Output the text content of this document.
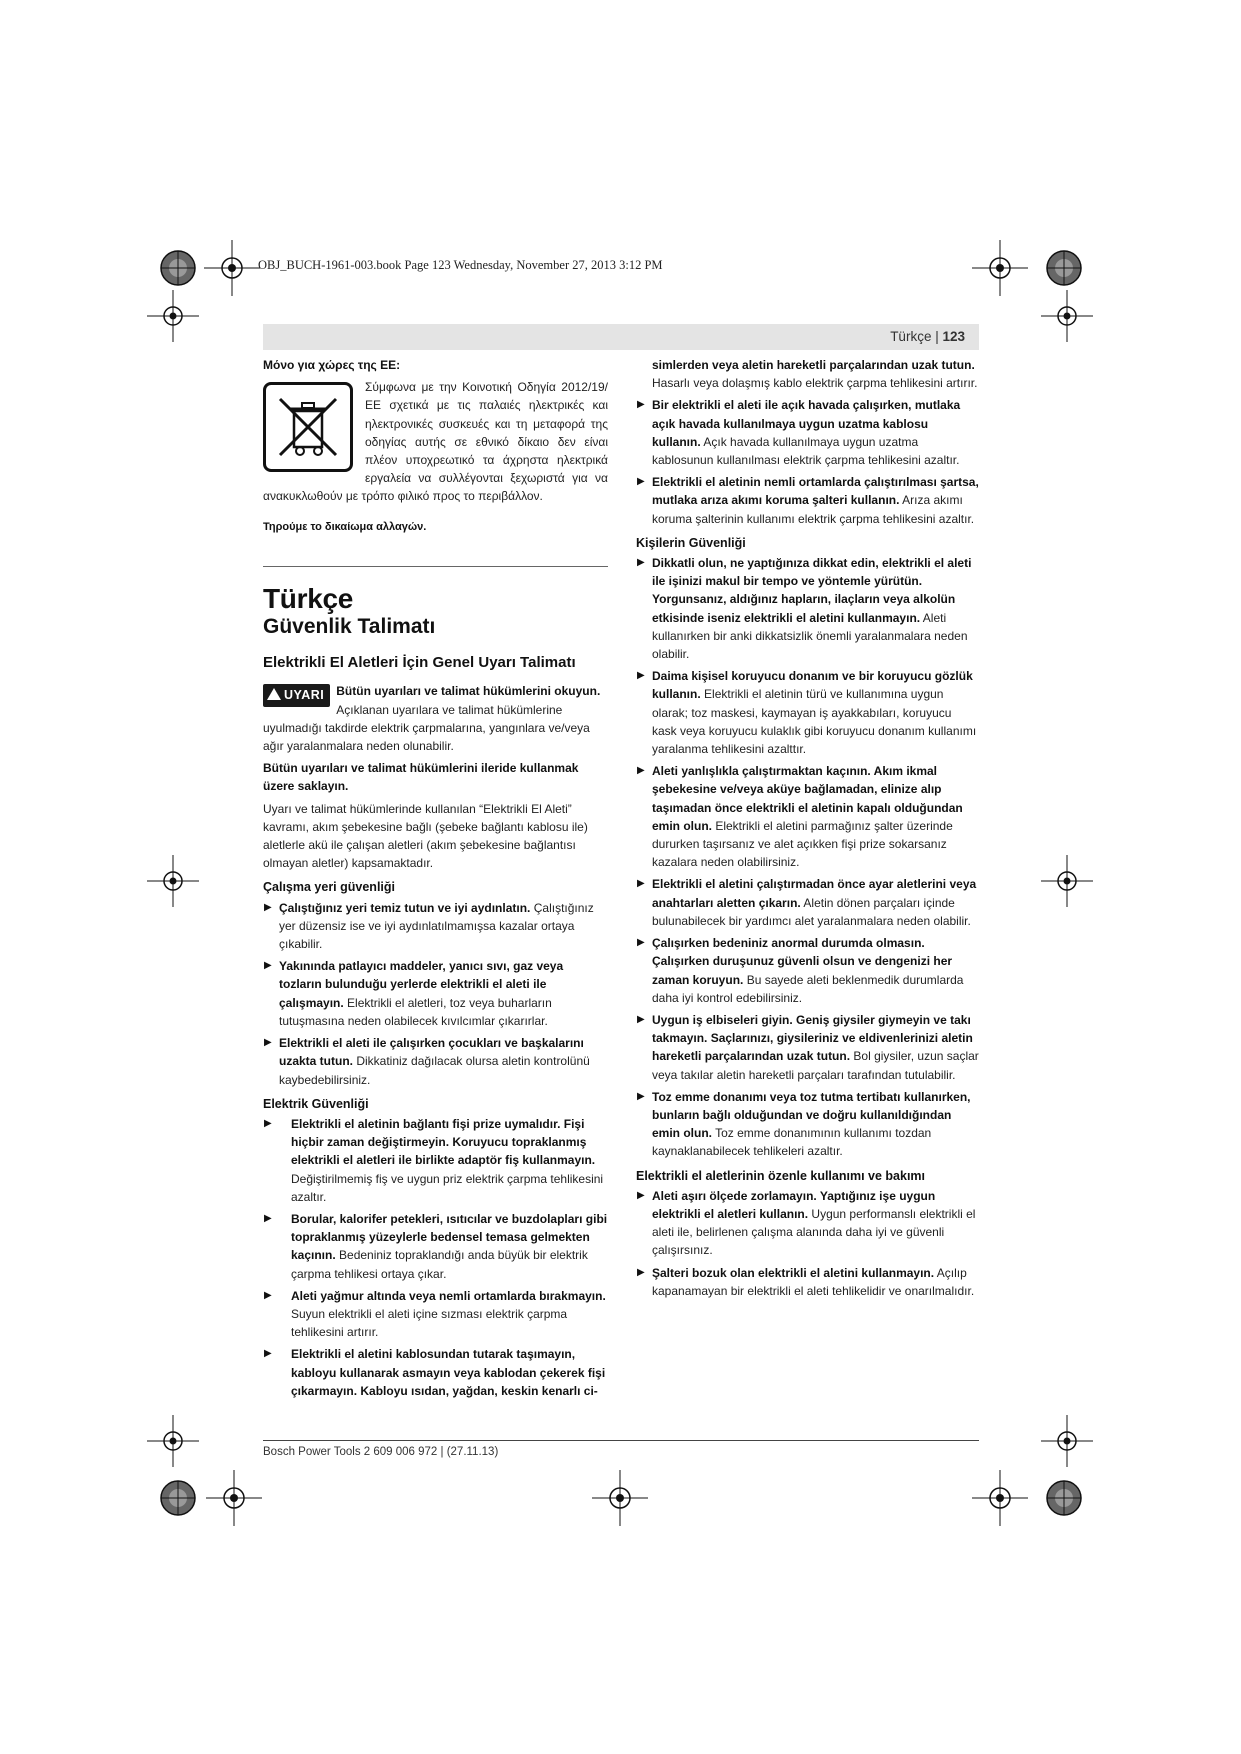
OBJ_BUCH-1961-003.book Page 123 Wednesday, November 27, 2013 3:12 PM
Türkçe | 123
Μόνο για χώρες της ΕΕ:

Σύμφωνα με την Κοινοτική Οδηγία 2012/19/ΕΕ σχετικά με τις παλαιές ηλεκτρικές και ηλεκτρονικές συσκευές και τη μεταφορά της οδηγίας αυτής σε εθνικό δίκαιο δεν είναι πλέον υποχρεωτικό τα άχρηστα ηλεκτρικά εργαλεία να συλλέγονται ξεχωριστά για να ανακυκλωθούν με τρόπο φιλικό προς το περιβάλλον.

Τηρούμε το δικαίωμα αλλαγών.
Türkçe
Güvenlik Talimatı
Elektrikli El Aletleri İçin Genel Uyarı Talimatı

UYARI	Bütün uyarıları ve talimat hükümlerini okuyun. Açıklanan uyarılara ve talimat hükümlerine uyulmadığı takdirde elektrik çarpmalarına, yangınlara ve/veya ağır yaralanmalara neden olunabilir.

Bütün uyarıları ve talimat hükümlerini ileride kullanmak üzere saklayın.

Uyarı ve talimat hükümlerinde kullanılan “Elektrikli El Aleti” kavramı, akım şebekesine bağlı (şebeke bağlantı kablosu ile) aletlerle akü ile çalışan aletleri (akım şebekesine bağlantısı olmayan aletler) kapsamaktadır.

Çalışma yeri güvenliği
▶ Çalıştığınız yeri temiz tutun ve iyi aydınlatın. Çalıştığınız yer düzensiz ise ve iyi aydınlatılmamışsa kazalar ortaya çıkabilir.
▶ Yakınında patlayıcı maddeler, yanıcı sıvı, gaz veya tozların bulunduğu yerlerde elektrikli el aleti ile çalışmayın. Elektrikli el aletleri, toz veya buharların tutuşmasına neden olabilecek kıvılcımlar çıkarırlar.
▶ Elektrikli el aleti ile çalışırken çocukları ve başkalarını uzakta tutun. Dikkatiniz dağılacak olursa aletin kontrolünü kaybedebilirsiniz.
Elektrik Güvenliği
▶ Elektrikli el aletinin bağlantı fişi prize uymalıdır. Fişi hiçbir zaman değiştirmeyin. Koruyucu topraklanmış elektrikli el aletleri ile birlikte adaptör fiş kullanmayın. Değiştirilmemiş fiş ve uygun priz elektrik çarpma tehlikesini azaltır.
▶ Borular, kalorifer petekleri, ısıtıcılar ve buzdolapları gibi topraklanmış yüzeylerle bedensel temasa gelmekten kaçının. Bedeniniz topraklandığı anda büyük bir elektrik çarpma tehlikesi ortaya çıkar.
▶ Aleti yağmur altında veya nemli ortamlarda bırakmayın. Suyun elektrikli el aleti içine sızması elektrik çarpma tehlikesini artırır.
▶ Elektrikli el aletini kablosundan tutarak taşımayın, kabloyu kullanarak asmayın veya kablodan çekerek fişi çıkarmayın. Kabloyu ısıdan, yağdan, keskin kenarlı ci-

simlerden veya aletin hareketli parçalarından uzak tutun. Hasarlı veya dolaşmış kablo elektrik çarpma tehlikesini artırır.

▶ Bir elektrikli el aleti ile açık havada çalışırken, mutlaka açık havada kullanılmaya uygun uzatma kablosu kullanın. Açık havada kullanılmaya uygun uzatma kablosunun kullanılması elektrik çarpma tehlikesini azaltır.
▶ Elektrikli el aletinin nemli ortamlarda çalıştırılması şartsa, mutlaka arıza akımı koruma şalteri kullanın. Arıza akımı koruma şalterinin kullanımı elektrik çarpma tehlikesini azaltır.
Kişilerin Güvenliği
▶ Dikkatli olun, ne yaptığınıza dikkat edin, elektrikli el aleti ile işinizi makul bir tempo ve yöntemle yürütün. Yorgunsanız, aldığınız hapların, ilaçların veya alkolün etkisinde iseniz elektrikli el aletini kullanmayın. Aleti kullanırken bir anki dikkatsizlik önemli yaralanmalara neden olabilir.
▶ Daima kişisel koruyucu donanım ve bir koruyucu gözlük kullanın. Elektrikli el aletinin türü ve kullanımına uygun olarak; toz maskesi, kaymayan iş ayakkabıları, koruyucu kask veya koruyucu kulaklık gibi koruyucu donanım kullanımı yaralanma tehlikesini azalttır.
▶ Aleti yanlışlıkla çalıştırmaktan kaçının. Akım ikmal şebekesine ve/veya aküye bağlamadan, elinize alıp taşımadan önce elektrikli el aletinin kapalı olduğundan emin olun. Elektrikli el aletini parmağınız şalter üzerinde dururken taşırsanız ve alet açıkken fişi prize sokarsanız kazalara neden olabilirsiniz.
▶ Elektrikli el aletini çalıştırmadan önce ayar aletlerini veya anahtarları aletten çıkarın. Aletin dönen parçaları içinde bulunabilecek bir yardımcı alet yaralanmalara neden olabilir.
▶ Çalışırken bedeniniz anormal durumda olmasın. Çalışırken duruşunuz güvenli olsun ve dengenizi her zaman koruyun. Bu sayede aleti beklenmedik durumlarda daha iyi kontrol edebilirsiniz.
▶ Uygun iş elbiseleri giyin. Geniş giysiler giymeyin ve takı takmayın. Saçlarınızı, giysileriniz ve eldivenlerinizi aletin hareketli parçalarından uzak tutun. Bol giysiler, uzun saçlar veya takılar aletin hareketli parçaları tarafından tutulabilir.
▶ Toz emme donanımı veya toz tutma tertibatı kullanırken, bunların bağlı olduğundan ve doğru kullanıldığından emin olun. Toz emme donanımının kullanımı tozdan kaynaklanabilecek tehlikeleri azaltır.
Elektrikli el aletlerinin özenle kullanımı ve bakımı
▶ Aleti aşırı ölçede zorlamayın. Yaptığınız işe uygun elektrikli el aletleri kullanın. Uygun performanslı elektrikli el aleti ile, belirlenen çalışma alanında daha iyi ve güvenli çalışırsınız.
▶ Şalteri bozuk olan elektrikli el aletini kullanmayın. Açılıp kapanamayan bir elektrikli el aleti tehlikelidir ve onarılmalıdır.
Bosch Power Tools 2 609 006 972 | (27.11.13)
